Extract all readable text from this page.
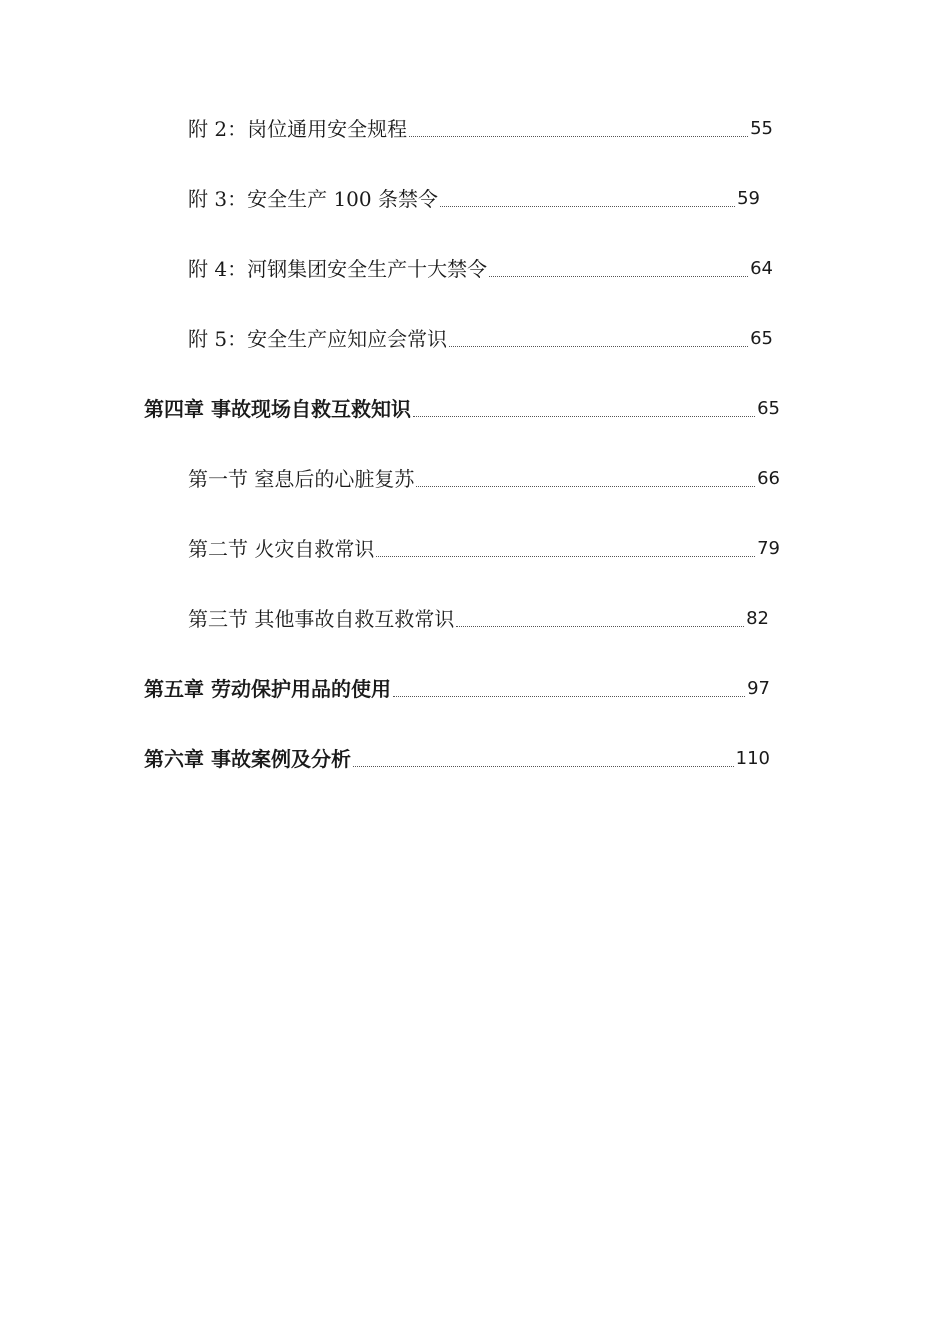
附 2：岗位通用安全规程	55
附 3：安全生产 100 条禁令	59
附 4：河钢集团安全生产十大禁令	64
附 5：安全生产应知应会常识	65
第四章 事故现场自救互救知识	65
第一节 窒息后的心脏复苏	66
第二节 火灾自救常识	79
第三节 其他事故自救互救常识	82
第五章 劳动保护用品的使用	97
第六章 事故案例及分析	110
